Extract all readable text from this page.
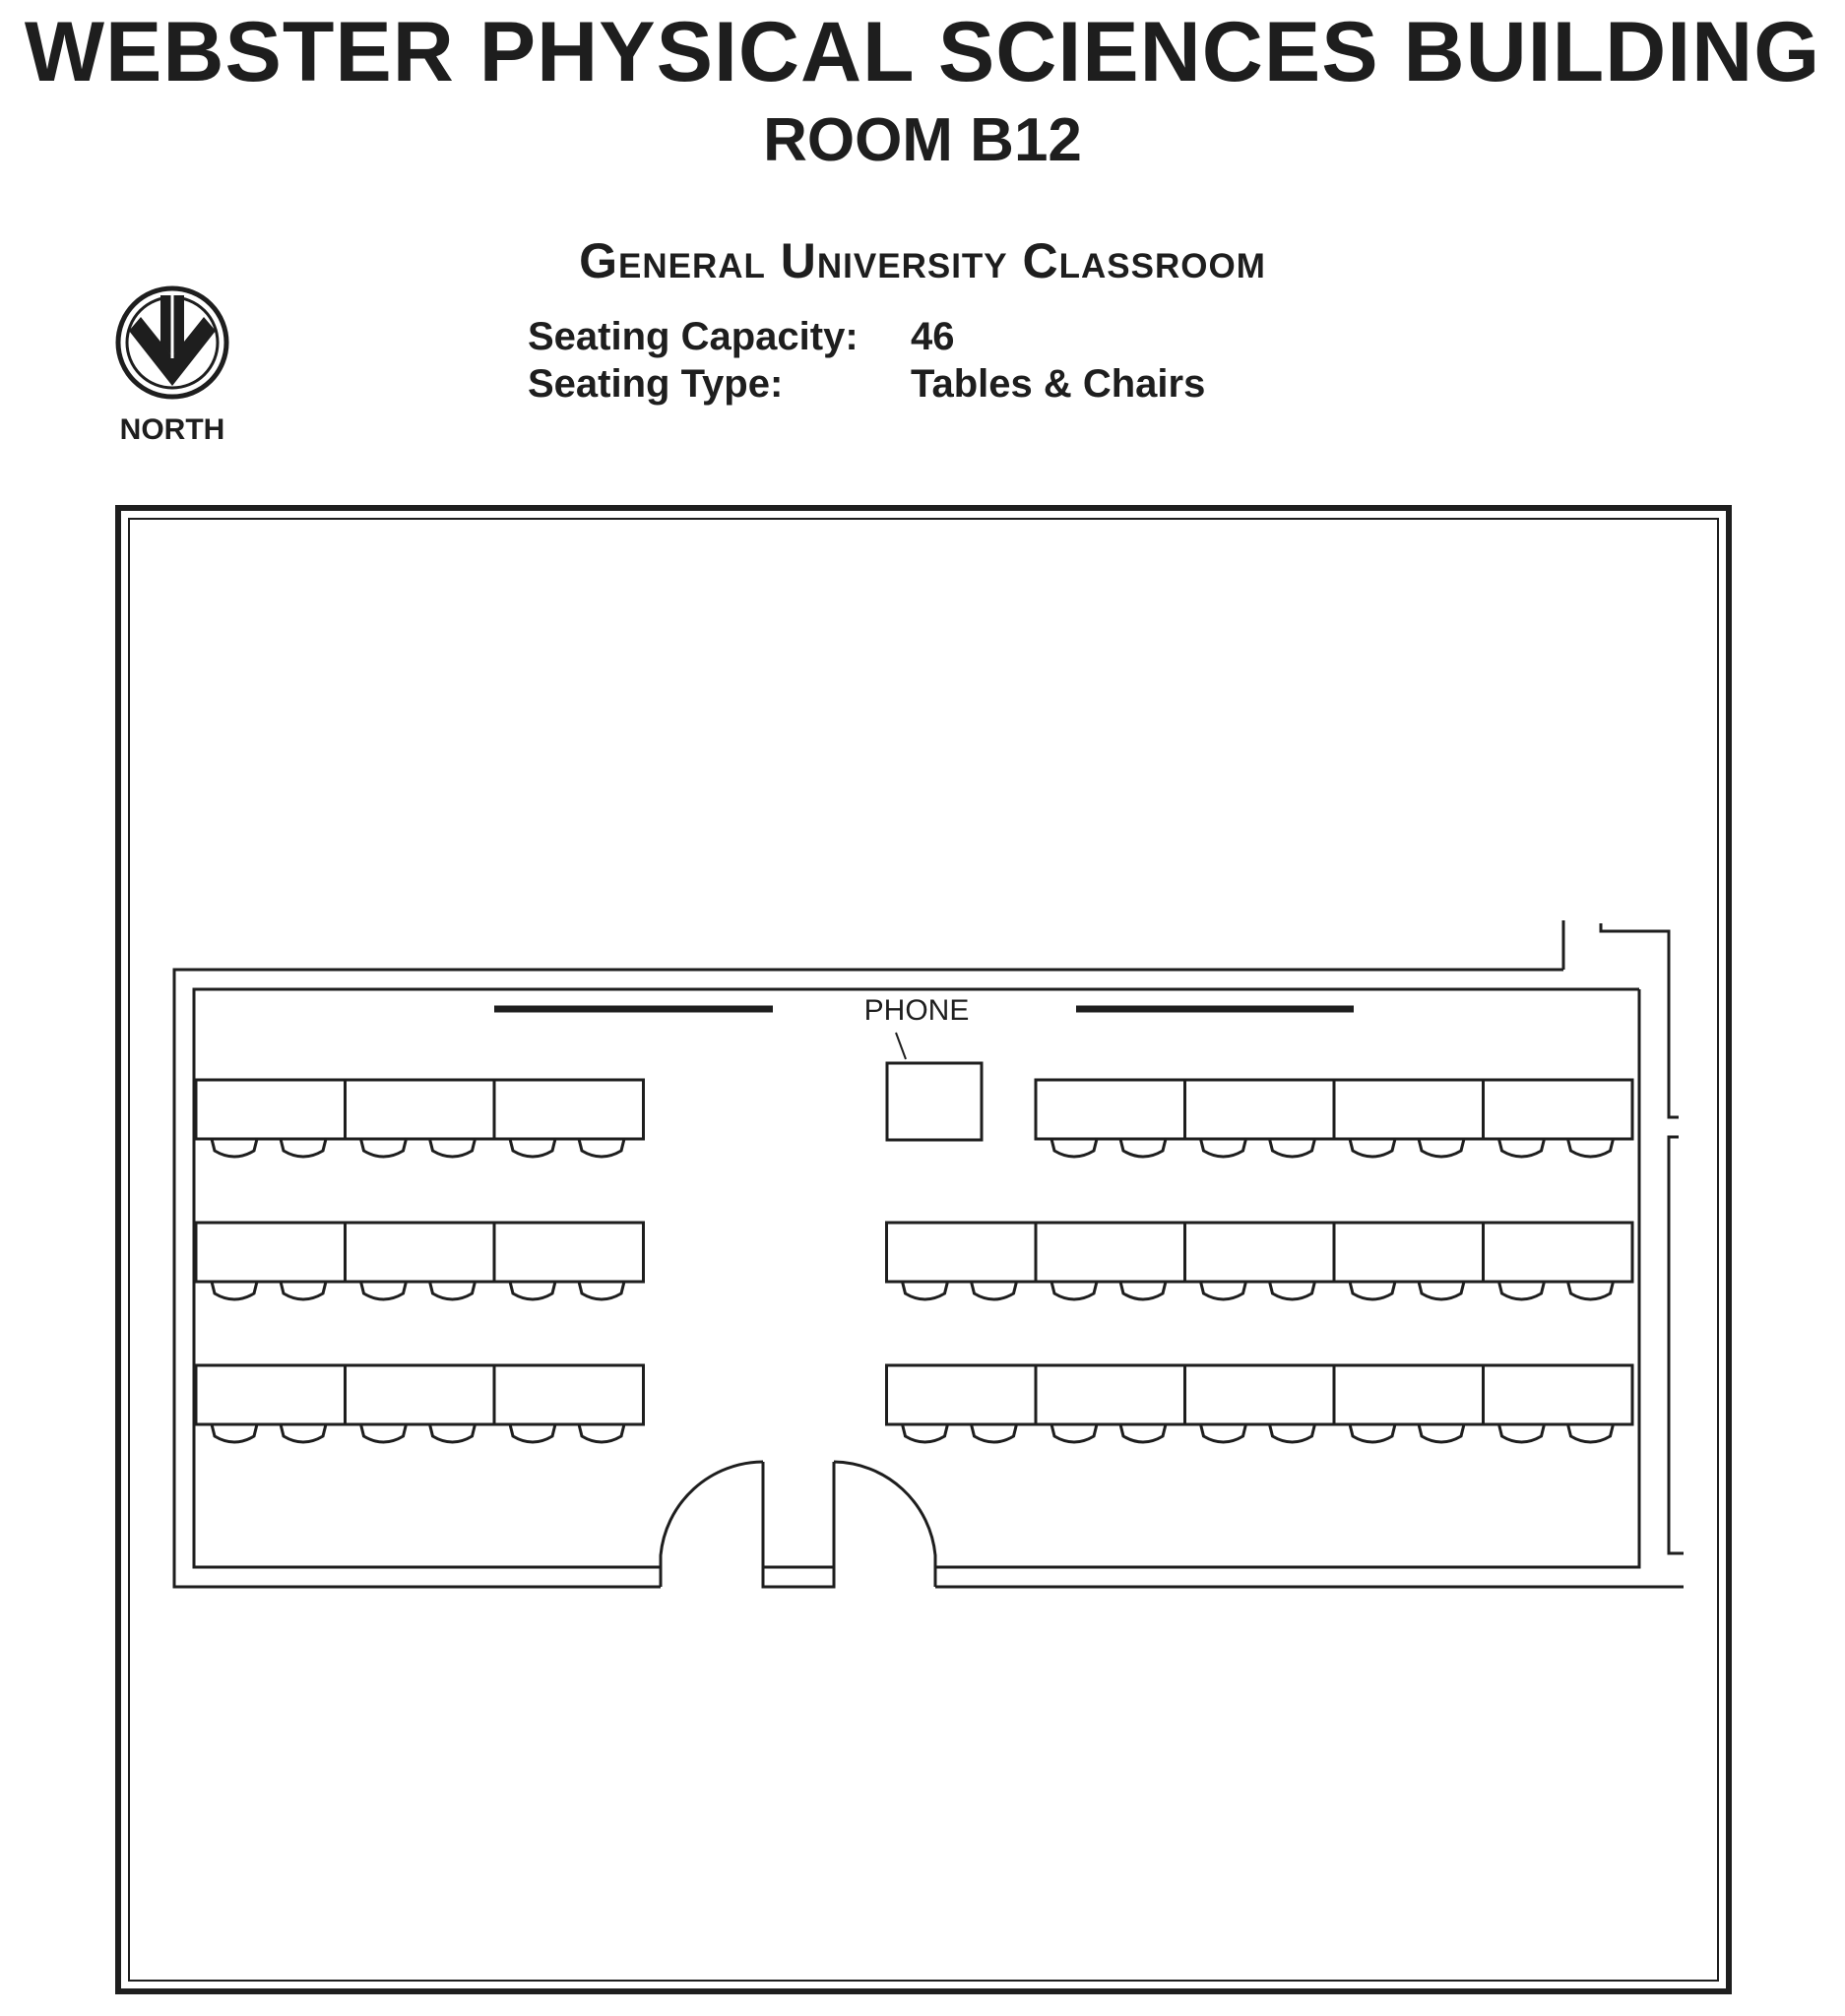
WEBSTER PHYSICAL SCIENCES BUILDING
ROOM B12
General University Classroom
Seating Capacity: 46
Seating Type:	Tables & Chairs
NORTH
PHONE
